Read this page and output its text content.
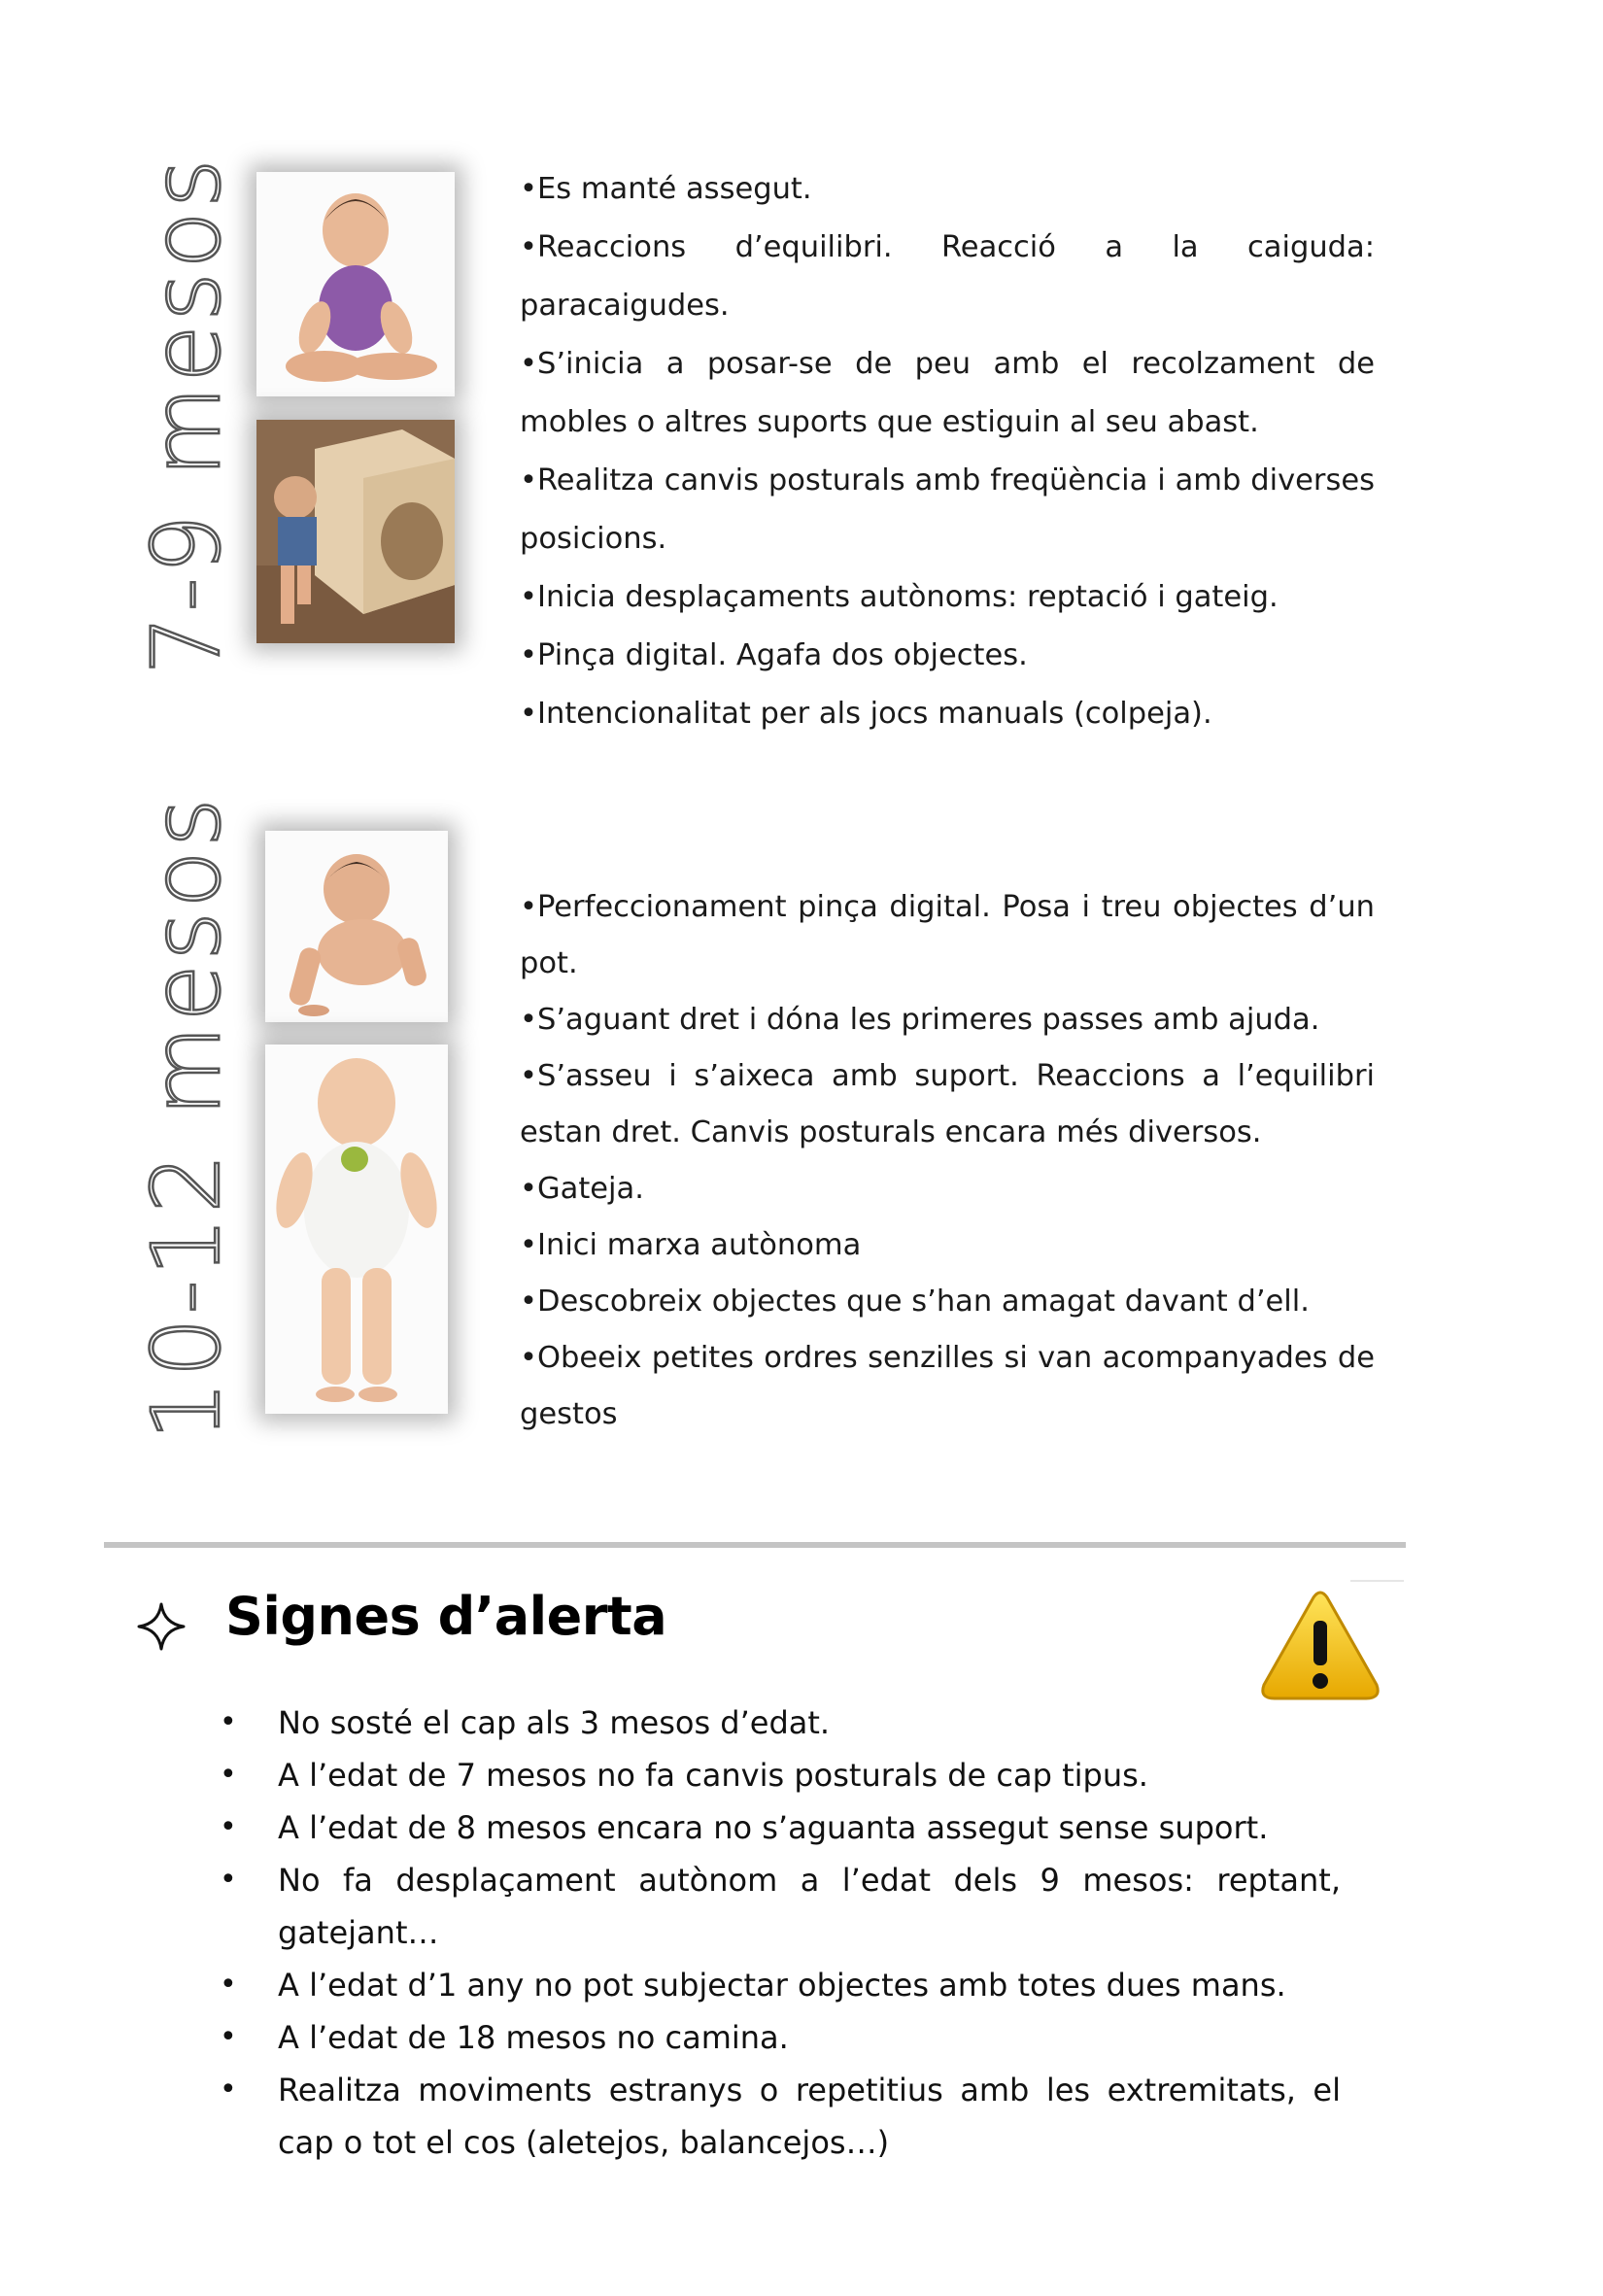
7-9 mesos	•Es manté assegut.

•Reaccions d’equilibri. Reacció a la caiguda: paracaigudes.

•S’inicia a posar-se de peu amb el recolzament de mobles o altres suports que estiguin al seu abast.

•Realitza canvis posturals amb freqüència i amb diverses posicions.

•Inicia desplaçaments autònoms: reptació i gateig.

•Pinça digital. Agafa dos objectes.

•Intencionalitat per als jocs manuals (colpeja).

10-12 mesos	•Perfeccionament pinça digital. Posa i treu objectes d’un pot.

•S’aguant dret i dóna les primeres passes amb ajuda.

•S’asseu i s’aixeca amb suport. Reaccions a l’equilibri estan dret. Canvis posturals encara més diversos.

•Gateja.

•Inici marxa autònoma

•Descobreix objectes que s’han amagat davant d’ell.

•Obeeix petites ordres senzilles si van acompanyades de gestos

Signes d’alerta
• No sosté el cap als 3 mesos d’edat.
• A l’edat de 7 mesos no fa canvis posturals de cap tipus.
• A l’edat de 8 mesos encara no s’aguanta assegut sense suport.
• No fa desplaçament autònom a l’edat dels 9 mesos: reptant, gatejant…
• A l’edat d’1 any no pot subjectar objectes amb totes dues mans.
• A l’edat de 18 mesos no camina.
• Realitza moviments estranys o repetitius amb les extremitats, el cap o tot el cos (aletejos, balancejos…)
